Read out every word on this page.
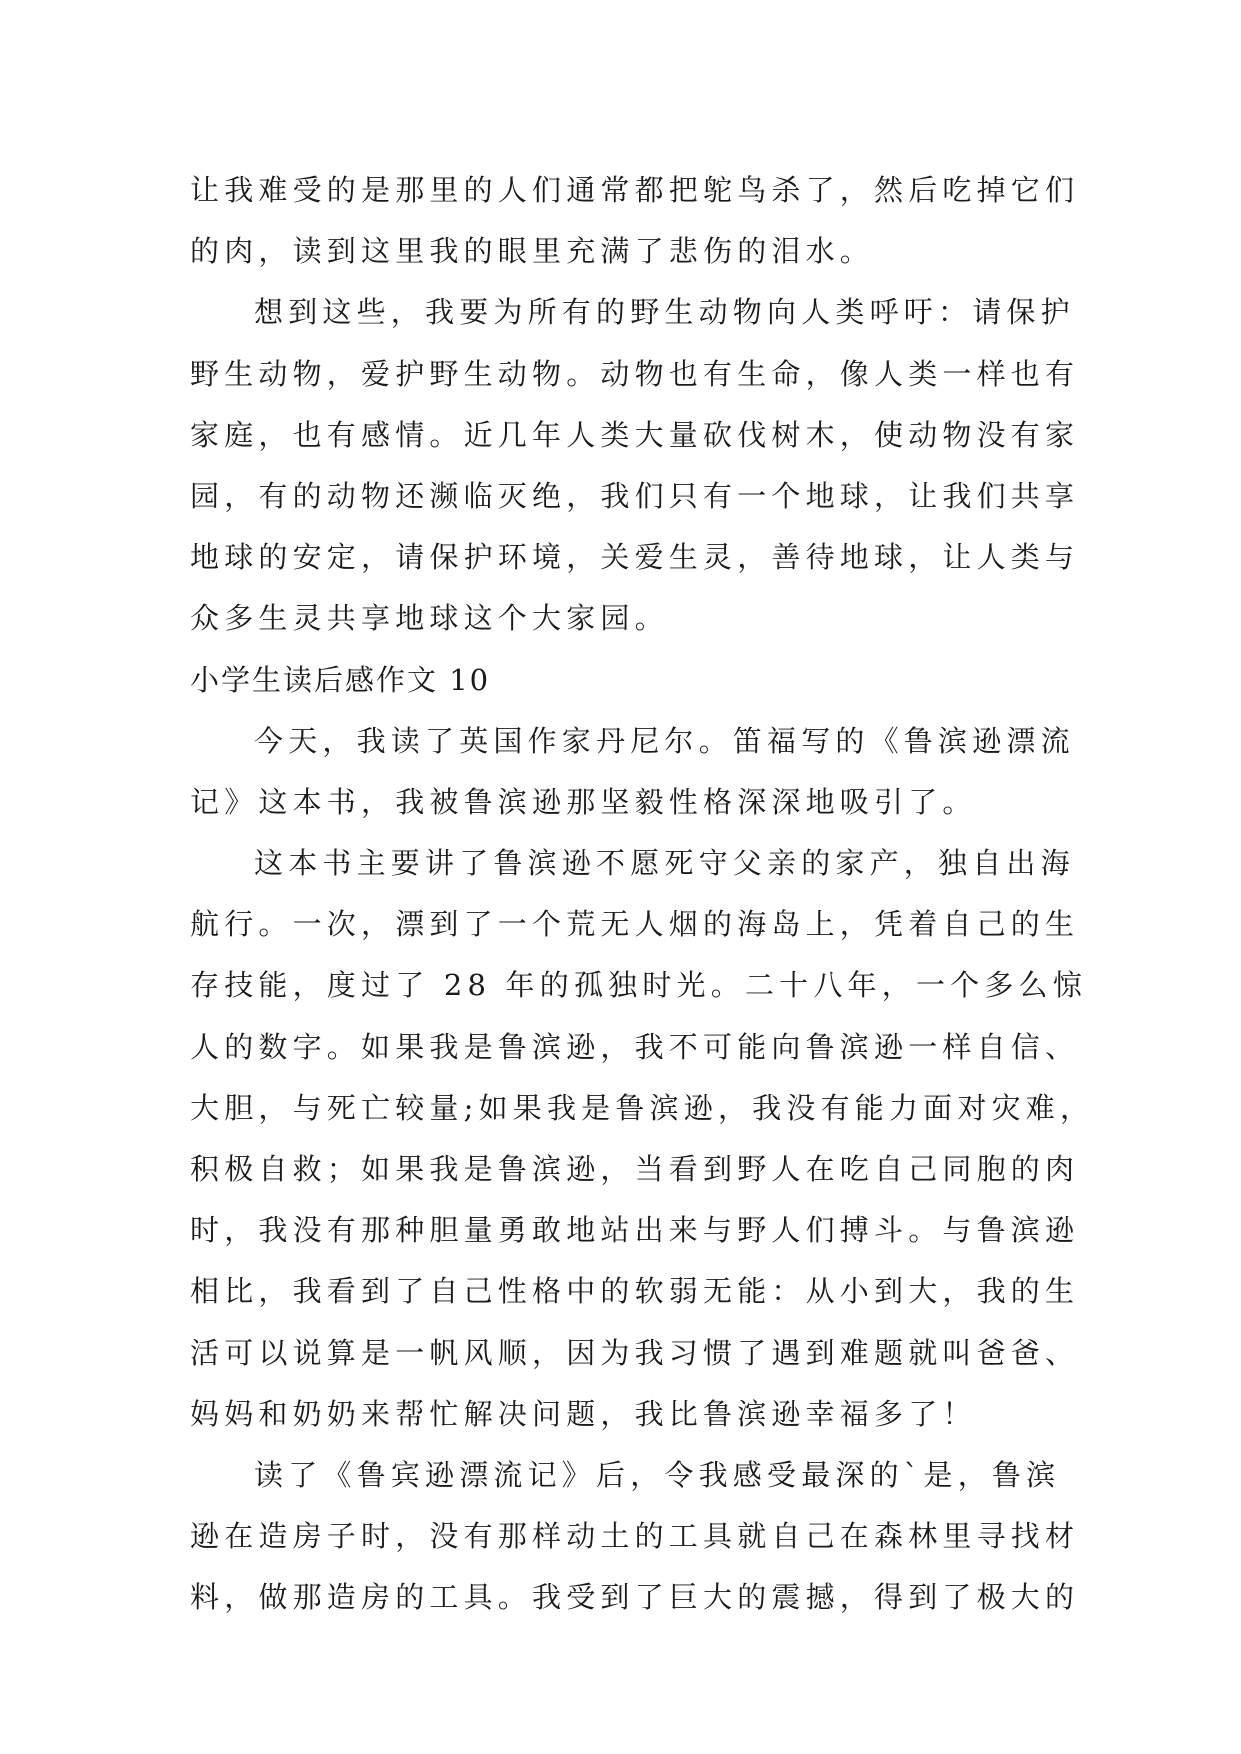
让我难受的是那里的人们通常都把鸵鸟杀了，然后吃掉它们
的肉，读到这里我的眼里充满了悲伤的泪水。
想到这些，我要为所有的野生动物向人类呼吁：请保护
野生动物，爱护野生动物。动物也有生命，像人类一样也有
家庭，也有感情。近几年人类大量砍伐树木，使动物没有家
园，有的动物还濒临灭绝，我们只有一个地球，让我们共享
地球的安定，请保护环境，关爱生灵，善待地球，让人类与
众多生灵共享地球这个大家园。
小学生读后感作文 10
今天，我读了英国作家丹尼尔。笛福写的《鲁滨逊漂流
记》这本书，我被鲁滨逊那坚毅性格深深地吸引了。
这本书主要讲了鲁滨逊不愿死守父亲的家产，独自出海
航行。一次，漂到了一个荒无人烟的海岛上，凭着自己的生
存技能，度过了 28 年的孤独时光。二十八年，一个多么惊
人的数字。如果我是鲁滨逊，我不可能向鲁滨逊一样自信、
大胆，与死亡较量;如果我是鲁滨逊，我没有能力面对灾难，
积极自救；如果我是鲁滨逊，当看到野人在吃自己同胞的肉
时，我没有那种胆量勇敢地站出来与野人们搏斗。与鲁滨逊
相比，我看到了自己性格中的软弱无能：从小到大，我的生
活可以说算是一帆风顺，因为我习惯了遇到难题就叫爸爸、
妈妈和奶奶来帮忙解决问题，我比鲁滨逊幸福多了！
读了《鲁宾逊漂流记》后，令我感受最深的`是，鲁滨
逊在造房子时，没有那样动土的工具就自己在森林里寻找材
料，做那造房的工具。我受到了巨大的震撼，得到了极大的
